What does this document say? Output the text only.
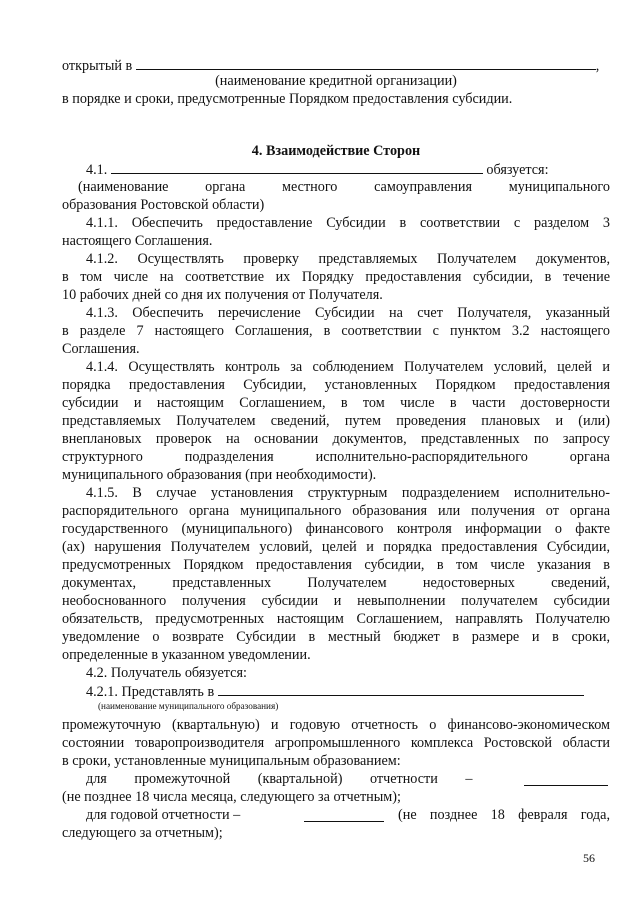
открытый в	,
(наименование кредитной организации)
в порядке и сроки, предусмотренные Порядком предоставления субсидии.
4. Взаимодействие Сторон
4.1.	обязуется:
(наименование органа местного самоуправления муниципального
образования Ростовской области)
4.1.1. Обеспечить предоставление Субсидии в соответствии с разделом 3
настоящего Соглашения.
4.1.2. Осуществлять проверку представляемых Получателем документов,
в том числе на соответствие их Порядку предоставления субсидии, в течение
10 рабочих дней со дня их получения от Получателя.
4.1.3. Обеспечить перечисление Субсидии на счет Получателя, указанный
в разделе 7 настоящего Соглашения, в соответствии с пунктом 3.2 настоящего
Соглашения.
4.1.4. Осуществлять контроль за соблюдением Получателем условий, целей и
порядка предоставления Субсидии, установленных Порядком предоставления
субсидии и настоящим Соглашением, в том числе в части достоверности
представляемых Получателем сведений, путем проведения плановых и (или)
внеплановых проверок на основании документов, представленных по запросу
структурного подразделения исполнительно-распорядительного органа
муниципального образования (при необходимости).
4.1.5. В случае установления структурным подразделением исполнительно-
распорядительного органа муниципального образования или получения от органа
государственного (муниципального) финансового контроля информации о факте
(ах) нарушения Получателем условий, целей и порядка предоставления Субсидии,
предусмотренных Порядком предоставления субсидии, в том числе указания в
документах, представленных Получателем недостоверных сведений,
необоснованного получения субсидии и невыполнении получателем субсидии
обязательств, предусмотренных настоящим Соглашением, направлять Получателю
уведомление о возврате Субсидии в местный бюджет в размере и в сроки,
определенные в указанном уведомлении.
4.2. Получатель обязуется:
4.2.1. Представлять в
(наименование муниципального образования)
промежуточную (квартальную) и годовую отчетность о финансово-экономическом
состоянии товаропроизводителя агропромышленного комплекса Ростовской области
в сроки, установленные муниципальным образованием:
для промежуточной (квартальной) отчетности –
(не позднее 18 числа месяца, следующего за отчетным);
для годовой отчетности –	(не позднее 18 февраля года,
следующего за отчетным);
56
